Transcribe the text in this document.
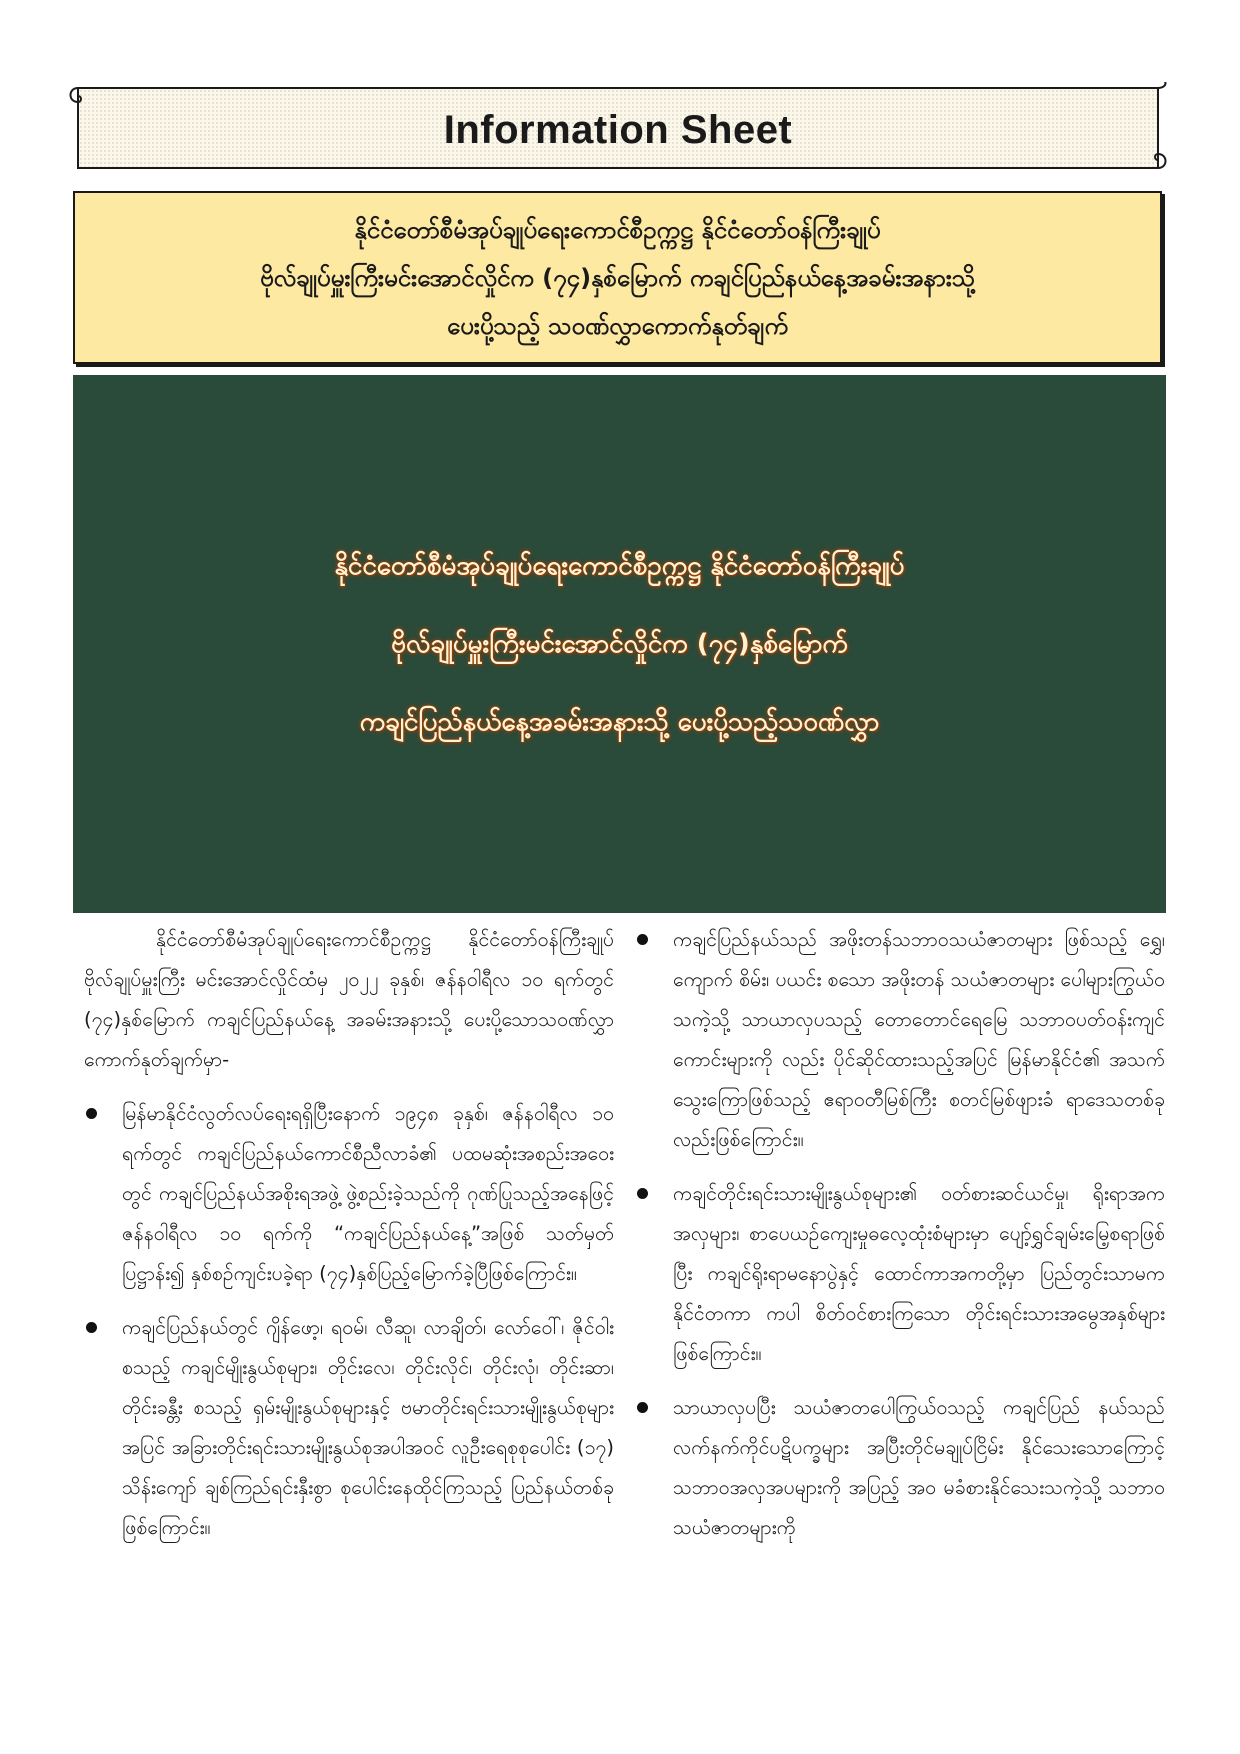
Information Sheet
နိုင်ငံတော်စီမံအုပ်ချုပ်ရေးကောင်စီဥက္ကဋ္ဌ နိုင်ငံတော်ဝန်ကြီးချုပ်
ဗိုလ်ချုပ်မှူးကြီးမင်းအောင်လှိုင်က (၇၄)နှစ်မြောက် ကချင်ပြည်နယ်နေ့အခမ်းအနားသို့
ပေးပို့သည့် သဝဏ်လွှာကောက်နုတ်ချက်
နိုင်ငံတော်စီမံအုပ်ချုပ်ရေးကောင်စီဥက္ကဋ္ဌ နိုင်ငံတော်ဝန်ကြီးချုပ်
ဗိုလ်ချုပ်မှူးကြီးမင်းအောင်လှိုင်က (၇၄)နှစ်မြောက်
ကချင်ပြည်နယ်နေ့အခမ်းအနားသို့ ပေးပို့သည့်သဝဏ်လွှာ

နိုင်ငံတော်စီမံအုပ်ချုပ်ရေးကောင်စီဥက္ကဋ္ဌ နိုင်ငံတော်ဝန်ကြီးချုပ် ဗိုလ်ချုပ်မှူးကြီး မင်းအောင်လှိုင်ထံမှ ၂၀၂၂ ခုနှစ်၊ ဇန်နဝါရီလ ၁၀ ရက်တွင် (၇၄)နှစ်မြောက် ကချင်ပြည်နယ်နေ့ အခမ်းအနားသို့ ပေးပို့သောသဝဏ်လွှာကောက်နုတ်ချက်မှာ-

မြန်မာနိုင်ငံလွတ်လပ်ရေးရရှိပြီးနောက် ၁၉၄၈ ခုနှစ်၊ ဇန်နဝါရီလ ၁၀ ရက်တွင် ကချင်ပြည်နယ်ကောင်စီညီလာခံ၏ ပထမဆုံးအစည်းအဝေးတွင် ကချင်ပြည်နယ်အစိုးရအဖွဲ့ ဖွဲ့စည်းခဲ့သည်ကို ဂုဏ်ပြုသည့်အနေဖြင့် ဇန်နဝါရီလ ၁၀ ရက်ကို “ကချင်ပြည်နယ်နေ့”အဖြစ် သတ်မှတ်ပြဋ္ဌာန်း၍ နှစ်စဉ်ကျင်းပခဲ့ရာ (၇၄)နှစ်ပြည့်မြောက်ခဲ့ပြီဖြစ်ကြောင်း။
ကချင်ပြည်နယ်တွင် ဂျိန်ဖော့၊ ရဝမ်၊ လီဆူ၊ လာချိတ်၊ လော်ဝေါ်၊ ဇိုင်ဝါးစသည့် ကချင်မျိုးနွယ်စုများ၊ တိုင်းလေ၊ တိုင်းလိုင်၊ တိုင်းလုံ၊ တိုင်းဆာ၊ တိုင်းခန္တီး စသည့် ရှမ်းမျိုးနွယ်စုများနှင့် ဗမာတိုင်းရင်းသားမျိုးနွယ်စုများအပြင် အခြားတိုင်းရင်းသားမျိုးနွယ်စုအပါအဝင် လူဦးရေစုစုပေါင်း (၁၇) သိန်းကျော် ချစ်ကြည်ရင်းနှီးစွာ စုပေါင်းနေထိုင်ကြသည့် ပြည်နယ်တစ်ခုဖြစ်ကြောင်း။
ကချင်ပြည်နယ်သည် အဖိုးတန်သဘာဝသယံဇာတများ ဖြစ်သည့် ရွှေ၊ ကျောက် စိမ်း၊ ပယင်း စသော အဖိုးတန် သယံဇာတများ ပေါများကြွယ်ဝသကဲ့သို့ သာယာလှပသည့် တောတောင်ရေမြေ သဘာဝပတ်ဝန်းကျင်ကောင်းများကို လည်း ပိုင်ဆိုင်ထားသည့်အပြင် မြန်မာနိုင်ငံ၏ အသက် သွေးကြောဖြစ်သည့် ဧရာဝတီမြစ်ကြီး စတင်မြစ်ဖျားခံ ရာဒေသတစ်ခုလည်းဖြစ်ကြောင်း။
ကချင်တိုင်းရင်းသားမျိုးနွယ်စုများ၏ ဝတ်စားဆင်ယင်မှု၊ ရိုးရာအကအလှများ၊ စာပေယဉ်ကျေးမှုဓလေ့ထုံးစံများမှာ ပျော့်ရွှင်ချမ်းမြေ့စရာဖြစ်ပြီး ကချင်ရိုးရာမနောပွဲနှင့် ထောင်ကာအကတို့မှာ ပြည်တွင်းသာမက နိုင်ငံတကာ ကပါ စိတ်ဝင်စားကြသော တိုင်းရင်းသားအမွေအနှစ်များ ဖြစ်ကြောင်း။
သာယာလှပပြီး သယံဇာတပေါကြွယ်ဝသည့် ကချင်ပြည် နယ်သည် လက်နက်ကိုင်ပဋိပက္ခများ အပြီးတိုင်မချုပ်ငြိမ်း နိုင်သေးသောကြောင့် သဘာဝအလှအပများကို အပြည့် အဝ မခံစားနိုင်သေးသကဲ့သို့ သဘာဝသယံဇာတများကို
